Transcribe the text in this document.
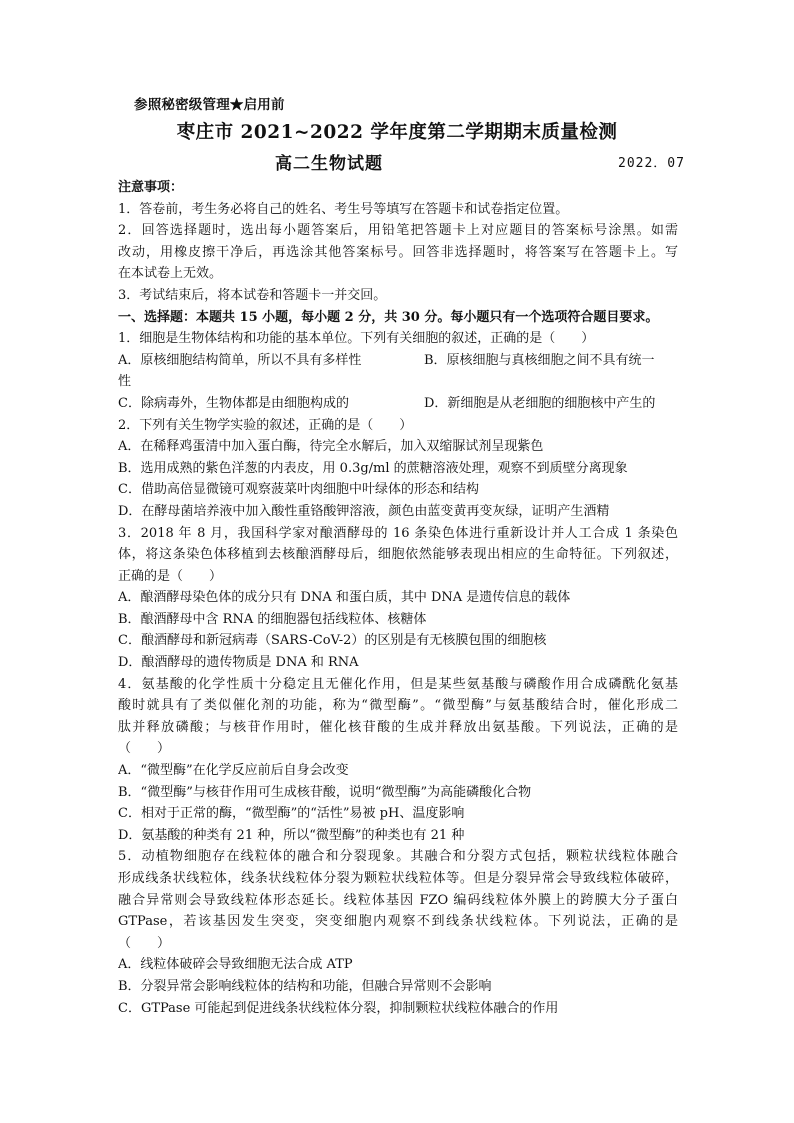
参照秘密级管理★启用前
枣庄市 2021~2022 学年度第二学期期末质量检测
高二生物试题	2022．07
注意事项：
1．答卷前，考生务必将自己的姓名、考生号等填写在答题卡和试卷指定位置。
2．回答选择题时，选出每小题答案后，用铅笔把答题卡上对应题目的答案标号涂黑。如需
改动，用橡皮擦干净后，再选涂其他答案标号。回答非选择题时，将答案写在答题卡上。写
在本试卷上无效。
3．考试结束后，将本试卷和答题卡一并交回。
一、选择题：本题共 15 小题，每小题 2 分，共 30 分。每小题只有一个选项符合题目要求。
1．细胞是生物体结构和功能的基本单位。下列有关细胞的叙述，正确的是（　　）
A．原核细胞结构简单，所以不具有多样性	B．原核细胞与真核细胞之间不具有统一
性
C．除病毒外，生物体都是由细胞构成的	D．新细胞是从老细胞的细胞核中产生的
2．下列有关生物学实验的叙述，正确的是（　　）
A．在稀释鸡蛋清中加入蛋白酶，待完全水解后，加入双缩脲试剂呈现紫色
B．选用成熟的紫色洋葱的内表皮，用 0.3g/ml 的蔗糖溶液处理，观察不到质壁分离现象
C．借助高倍显微镜可观察菠菜叶肉细胞中叶绿体的形态和结构
D．在酵母菌培养液中加入酸性重铬酸钾溶液，颜色由蓝变黄再变灰绿，证明产生酒精
3．2018 年 8 月，我国科学家对酿酒酵母的 16 条染色体进行重新设计并人工合成 1 条染色
体，将这条染色体移植到去核酿酒酵母后，细胞依然能够表现出相应的生命特征。下列叙述，
正确的是（　　）
A．酿酒酵母染色体的成分只有 DNA 和蛋白质，其中 DNA 是遗传信息的载体
B．酿酒酵母中含 RNA 的细胞器包括线粒体、核糖体
C．酿酒酵母和新冠病毒（SARS-CoV-2）的区别是有无核膜包围的细胞核
D．酿酒酵母的遗传物质是 DNA 和 RNA
4．氨基酸的化学性质十分稳定且无催化作用，但是某些氨基酸与磷酸作用合成磷酰化氨基
酸时就具有了类似催化剂的功能，称为“微型酶”。“微型酶”与氨基酸结合时，催化形成二
肽并释放磷酸；与核苷作用时，催化核苷酸的生成并释放出氨基酸。下列说法，正确的是
（　　）
A．“微型酶”在化学反应前后自身会改变
B．“微型酶”与核苷作用可生成核苷酸，说明“微型酶”为高能磷酸化合物
C．相对于正常的酶，“微型酶”的“活性”易被 pH、温度影响
D．氨基酸的种类有 21 种，所以“微型酶”的种类也有 21 种
5．动植物细胞存在线粒体的融合和分裂现象。其融合和分裂方式包括，颗粒状线粒体融合
形成线条状线粒体，线条状线粒体分裂为颗粒状线粒体等。但是分裂异常会导致线粒体破碎，
融合异常则会导致线粒体形态延长。线粒体基因 FZO 编码线粒体外膜上的跨膜大分子蛋白
GTPase，若该基因发生突变，突变细胞内观察不到线条状线粒体。下列说法，正确的是
（　　）
A．线粒体破碎会导致细胞无法合成 ATP
B．分裂异常会影响线粒体的结构和功能，但融合异常则不会影响
C．GTPase 可能起到促进线条状线粒体分裂，抑制颗粒状线粒体融合的作用
